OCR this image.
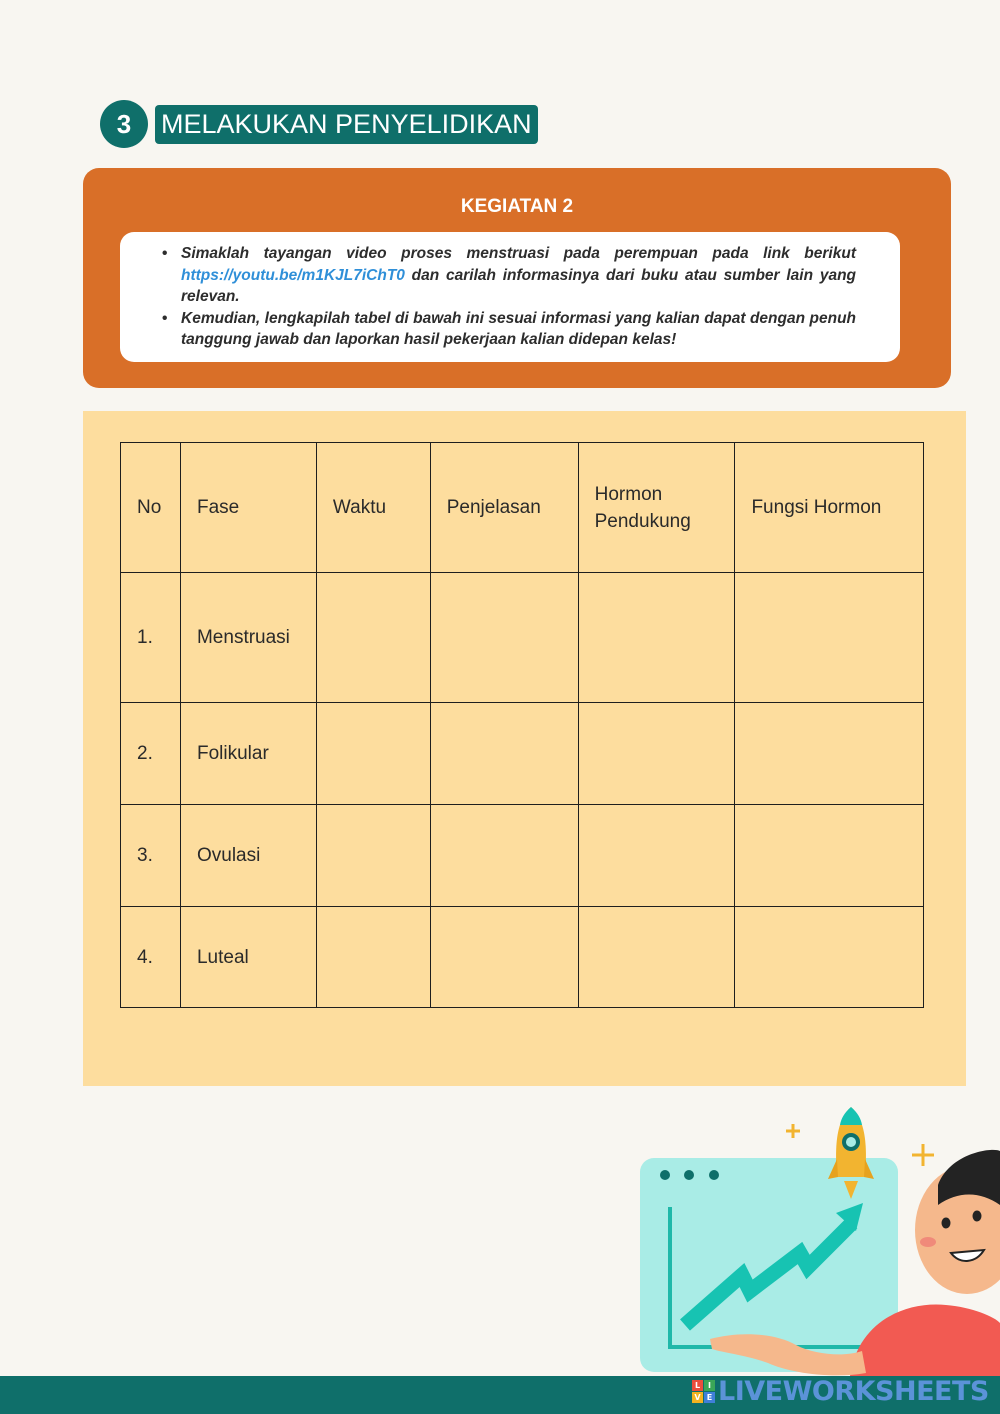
3	MELAKUKAN PENYELIDIKAN
KEGIATAN 2
• Simaklah tayangan video proses menstruasi pada perempuan pada link berikut https://youtu.be/m1KJL7iChT0 dan carilah informasinya dari buku atau sumber lain yang relevan.
• Kemudian, lengkapilah tabel di bawah ini sesuai informasi yang kalian dapat dengan penuh tanggung jawab dan laporkan hasil pekerjaan kalian didepan kelas!
No	Fase	Waktu	Penjelasan	Hormon Pendukung	Fungsi Hormon
1.	Menstruasi				
2.	Folikular				
3.	Ovulasi				
4.	Luteal				
L I
V E LIVEWORKSHEETS
